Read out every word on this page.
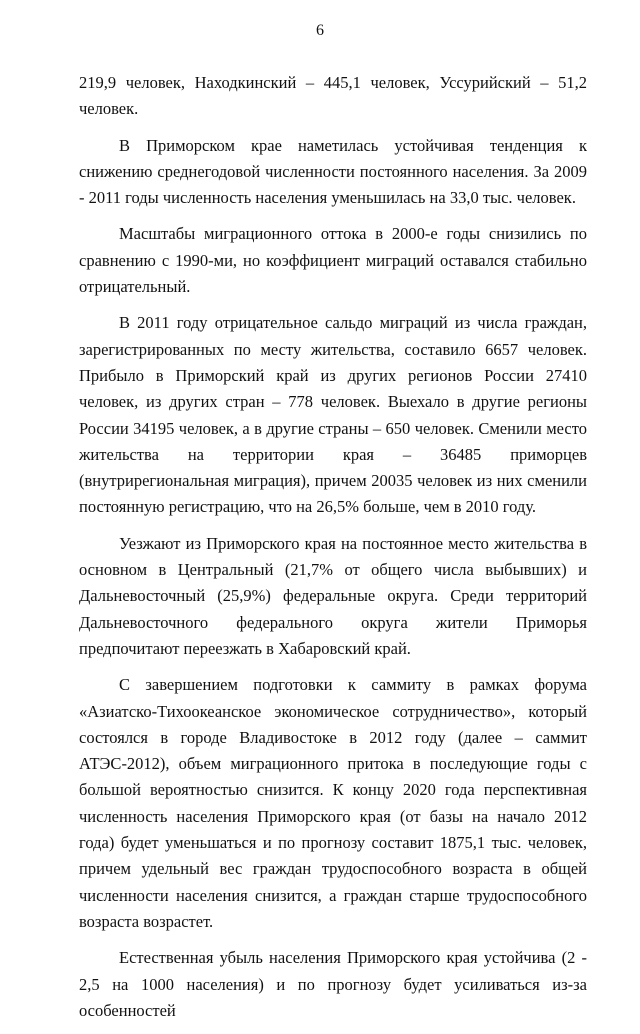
6

219,9 человек, Находкинский – 445,1 человек, Уссурийский – 51,2 человек.

В Приморском крае наметилась устойчивая тенденция к снижению среднегодовой численности постоянного населения. За 2009 - 2011 годы численность населения уменьшилась на 33,0 тыс. человек.

Масштабы миграционного оттока в 2000-е годы снизились по сравнению с 1990-ми, но коэффициент миграций оставался стабильно отрицательный.

В 2011 году отрицательное сальдо миграций из числа граждан, зарегистрированных по месту жительства, составило 6657 человек. Прибыло в Приморский край из других регионов России 27410 человек, из других стран – 778 человек. Выехало в другие регионы России 34195 человек, а в другие страны – 650 человек. Сменили место жительства на территории края – 36485 приморцев (внутрирегиональная миграция), причем 20035 человек из них сменили постоянную регистрацию, что на 26,5% больше, чем в 2010 году.

Уезжают из Приморского края на постоянное место жительства в основном в Центральный (21,7% от общего числа выбывших) и Дальневосточный (25,9%) федеральные округа. Среди территорий Дальневосточного федерального округа жители Приморья предпочитают переезжать в Хабаровский край.

С завершением подготовки к саммиту в рамках форума «Азиатско-Тихоокеанское экономическое сотрудничество», который состоялся в городе Владивостоке в 2012 году (далее – саммит АТЭС-2012), объем миграционного притока в последующие годы с большой вероятностью снизится. К концу 2020 года перспективная численность населения Приморского края (от базы на начало 2012 года) будет уменьшаться и по прогнозу составит 1875,1 тыс. человек, причем удельный вес граждан трудоспособного возраста в общей численности населения снизится, а граждан старше трудоспособного возраста возрастет.

Естественная убыль населения Приморского края устойчива (2 - 2,5 на 1000 населения) и по прогнозу будет усиливаться из-за особенностей
